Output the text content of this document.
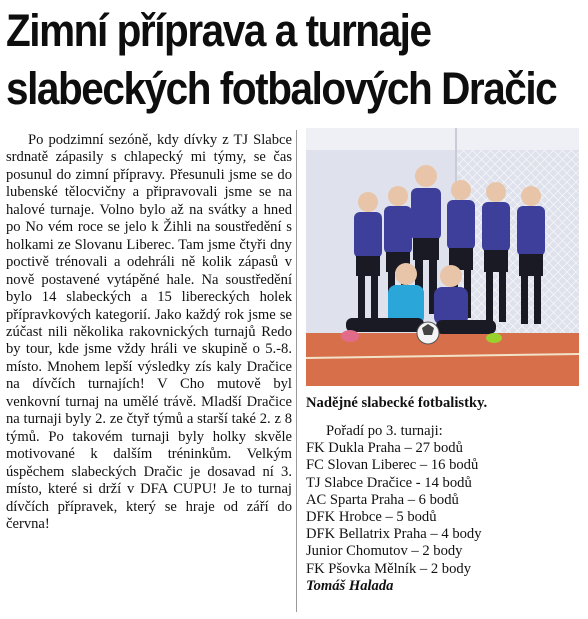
Zimní příprava a turnaje
slabeckých fotbalových Dračic

Po podzimní sezóně, kdy dívky z TJ Slabce srdnatě zápasily s chlapecký mi týmy, se čas posunul do zimní přípravy. Přesunuli jsme se do lubenské tělocvičny a připravovali jsme se na halové turnaje. Volno bylo až na svátky a hned po No vém roce se jelo k Žihli na soustředění s holkami ze Slovanu Liberec. Tam jsme čtyři dny poctivě trénovali a odehráli ně kolik zápasů v nově postavené vytápěné hale. Na soustředění bylo 14 slabeckých a 15 libereckých holek přípravkových kategorií. Jako každý rok jsme se zúčast nili několika rakovnických turnajů Redo by tour, kde jsme vždy hráli ve skupině o 5.-8. místo. Mnohem lepší výsledky zís kaly Dračice na dívčích turnajích! V Cho mutově byl venkovní turnaj na umělé trávě. Mladší Dračice na turnaji byly 2. ze čtyř týmů a starší také 2. z 8 týmů. Po takovém turnaji byly holky skvěle motivované k dalším tréninkům. Velkým úspěchem slabeckých Dračic je dosavad ní 3. místo, které si drží v DFA CUPU! Je to turnaj dívčích přípravek, který se hraje od září do června!

Nadějné slabecké fotbalistky.
Pořadí po 3. turnaji:
FK Dukla Praha – 27 bodů
FC Slovan Liberec – 16 bodů
TJ Slabce Dračice - 14 bodů
AC Sparta Praha – 6 bodů
DFK Hrobce – 5 bodů
DFK Bellatrix Praha – 4 body
Junior Chomutov – 2 body
FK Pšovka Mělník – 2 body
Tomáš Halada
